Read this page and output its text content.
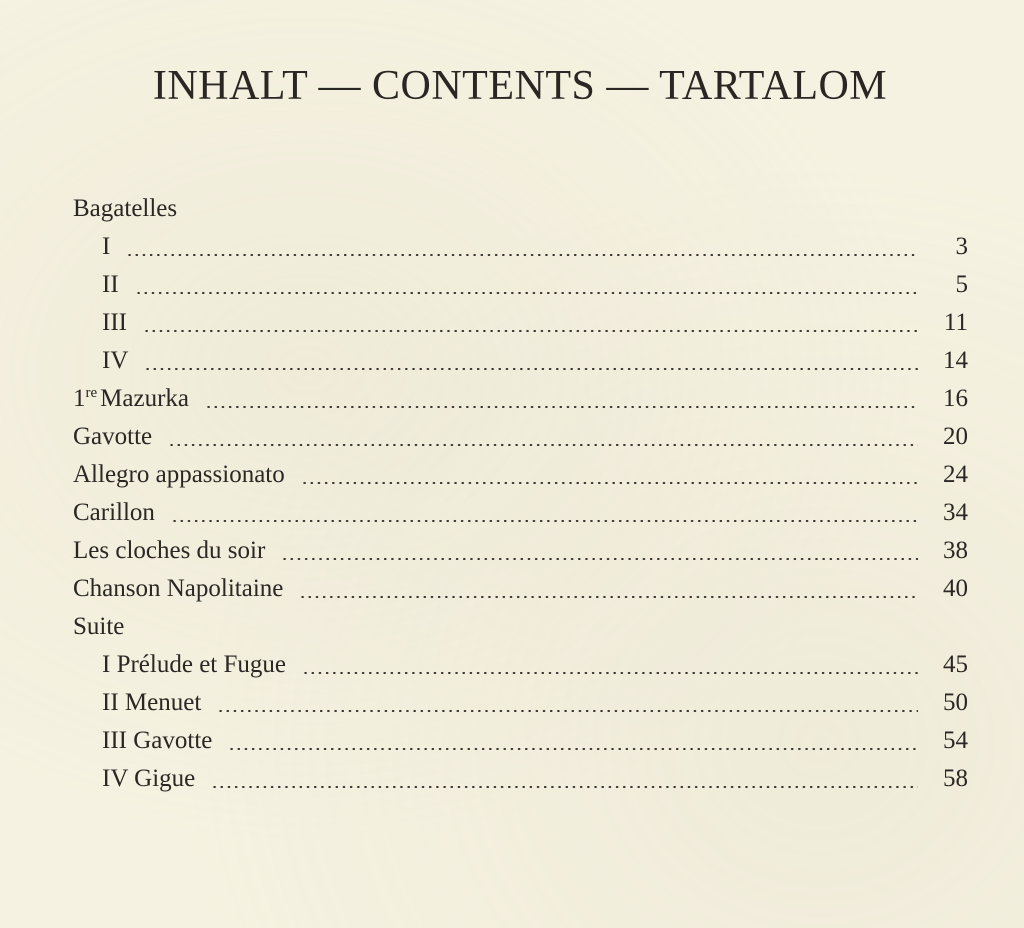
INHALT — CONTENTS — TARTALOM
Bagatelles
I	3
II	5
III	11
IV	14
1re Mazurka	16
Gavotte	20
Allegro appassionato	24
Carillon	34
Les cloches du soir	38
Chanson Napolitaine	40
Suite
I Prélude et Fugue	45
II Menuet	50
III Gavotte	54
IV Gigue	58
